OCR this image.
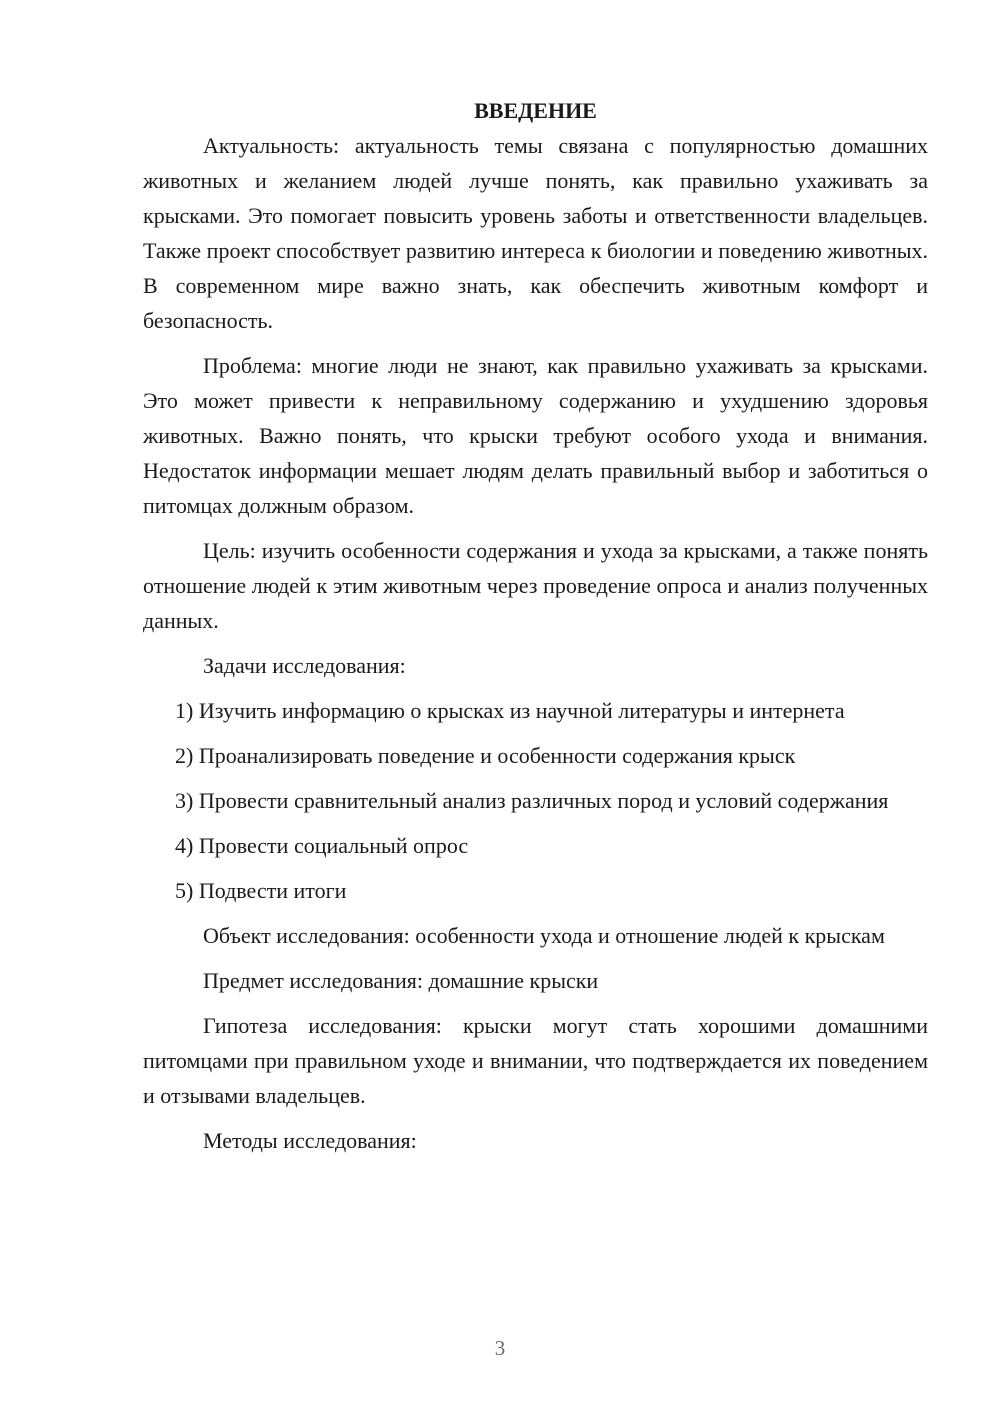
ВВЕДЕНИЕ

Актуальность: актуальность темы связана с популярностью домашних животных и желанием людей лучше понять, как правильно ухаживать за крысками. Это помогает повысить уровень заботы и ответственности владельцев. Также проект способствует развитию интереса к биологии и поведению животных. В современном мире важно знать, как обеспечить животным комфорт и безопасность.

Проблема: многие люди не знают, как правильно ухаживать за крысками. Это может привести к неправильному содержанию и ухудшению здоровья животных. Важно понять, что крыски требуют особого ухода и внимания. Недостаток информации мешает людям делать правильный выбор и заботиться о питомцах должным образом.

Цель: изучить особенности содержания и ухода за крысками, а также понять отношение людей к этим животным через проведение опроса и анализ полученных данных.

Задачи исследования:

1) Изучить информацию о крысках из научной литературы и интернета

2) Проанализировать поведение и особенности содержания крыск

3) Провести сравнительный анализ различных пород и условий содержания

4) Провести социальный опрос

5) Подвести итоги

Объект исследования: особенности ухода и отношение людей к крыскам

Предмет исследования: домашние крыски

Гипотеза исследования: крыски могут стать хорошими домашними питомцами при правильном уходе и внимании, что подтверждается их поведением и отзывами владельцев.

Методы исследования:

3
